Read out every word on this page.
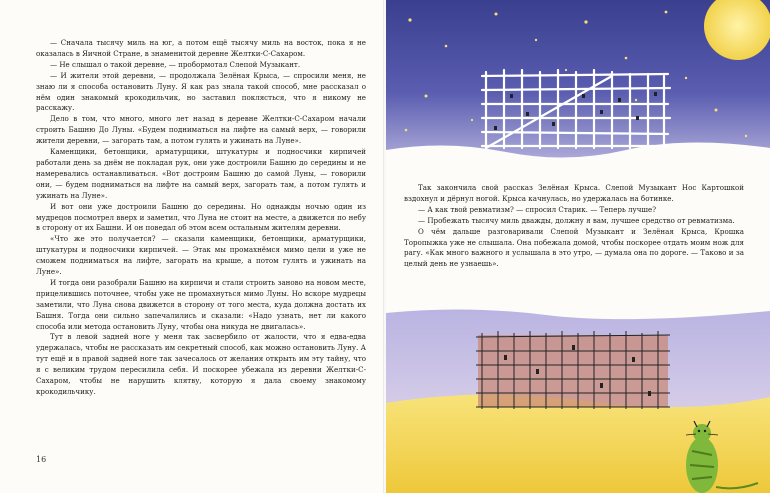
— Сначала тысячу миль на юг, а потом ещё тысячу миль на восток, пока я не оказалась в Яичной Стране, в знаменитой деревне Желтки-С-Сахаром.

— Не слышал о такой деревне, — пробормотал Слепой Музыкант.

— И жители этой деревни, — продолжала Зелёная Крыса, — спросили меня, не знаю ли я способа остановить Луну. Я как раз знала такой способ, мне рассказал о нём один знакомый крокодильчик, но заставил поклясться, что я никому не расскажу.

Дело в том, что много, много лет назад в деревне Желтки-С-Сахаром начали строить Башню До Луны. «Будем подниматься на лифте на самый верх, — говорили жители деревни, — загорать там, а потом гулять и ужинать на Луне».

Каменщики, бетонщики, арматурщики, штукатуры и подносчики кирпичей работали день за днём не покладая рук, они уже достроили Башню до середины и не намеревались останавливаться. «Вот достроим Башню до самой Луны, — говорили они, — будем подниматься на лифте на самый верх, загорать там, а потом гулять и ужинать на Луне».

И вот они уже достроили Башню до середины. Но однажды ночью один из мудрецов посмотрел вверх и заметил, что Луна не стоит на месте, а движется по небу в сторону от их Башни. И он поведал об этом всем остальным жителям деревни.

«Что же это получается? — сказали каменщики, бетонщики, арматурщики, штукатуры и подносчики кирпичей. — Этак мы промахнёмся мимо цели и уже не сможем подниматься на лифте, загорать на крыше, а потом гулять и ужинать на Луне».

И тогда они разобрали Башню на кирпичи и стали строить заново на новом месте, прицелившись поточнее, чтобы уже не промахнуться мимо Луны. Но вскоре мудрецы заметили, что Луна снова движется в сторону от того места, куда должна достать их Башня. Тогда они сильно запечалились и сказали: «Надо узнать, нет ли какого способа или метода остановить Луну, чтобы она никуда не двигалась».

Тут в левой задней ноге у меня так засвербило от жалости, что я едва-едва удержалась, чтобы не рассказать им секретный способ, как можно остановить Луну. А тут ещё и в правой задней ноге так зачесалось от желания открыть им эту тайну, что я с великим трудом пересилила себя. И поскорее убежала из деревни Желтки-С-Сахаром, чтобы не нарушить клятву, которую я дала своему знакомому крокодильчику.

16

Так закончила свой рассказ Зелёная Крыса. Слепой Музыкант Нос Картошкой вздохнул и дёрнул ногой. Крыса качнулась, но удержалась на ботинке.

— А как твой ревматизм? — спросил Старик. — Теперь лучше?

— Пробежать тысячу миль дважды, должну я вам, лучшее средство от ревматизма.

О чём дальше разговаривали Слепой Музыкант и Зелёная Крыса, Крошка Торопыжка уже не слышала. Она побежала домой, чтобы поскорее отдать моим нож для рагу. «Как много важного я услышала в это утро, — думала она по дороге. — Таково и за целый день не узнаешь».
